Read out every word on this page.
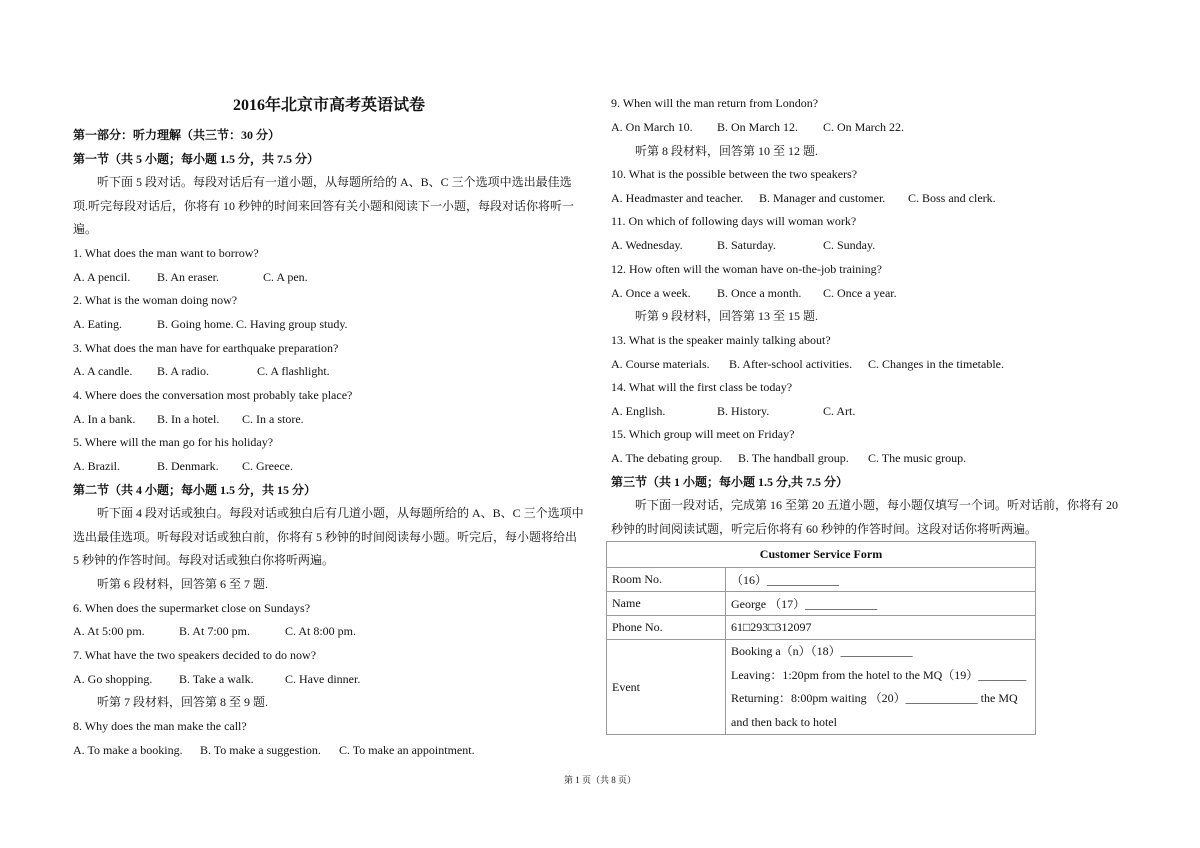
2016年北京市高考英语试卷
第一部分：听力理解（共三节：30 分）
第一节（共 5 小题；每小题 1.5 分，共 7.5 分）
听下面 5 段对话。每段对话后有一道小题，从每题所给的 A、B、C 三个选项中选出最佳选
项.听完每段对话后，你将有 10 秒钟的时间来回答有关小题和阅读下一小题，每段对话你将听一
遍。
1. What does the man want to borrow?
A. A pencil. B. An eraser.	C. A pen.
2. What is the woman doing now?
A. Eating.	B. Going home. C. Having group study.
3. What does the man have for earthquake preparation?
A. A candle. B. A radio.	C. A flashlight.
4. Where does the conversation most probably take place?
A. In a bank. B. In a hotel. C. In a store.
5. Where will the man go for his holiday?
A. Brazil.	B. Denmark. C. Greece.
第二节（共 4 小题；每小题 1.5 分，共 15 分）
听下面 4 段对话或独白。每段对话或独白后有几道小题，从每题所给的 A、B、C 三个选项中
选出最佳选项。听每段对话或独白前，你将有 5 秒钟的时间阅读每小题。听完后，每小题将给出
5 秒钟的作答时间。每段对话或独白你将听两遍。
听第 6 段材料，回答第 6 至 7 题.
6. When does the supermarket close on Sundays?
A. At 5:00 pm.	B. At 7:00 pm.	C. At 8:00 pm.
7. What have the two speakers decided to do now?
A. Go shopping. B. Take a walk.	C. Have dinner.
听第 7 段材料，回答第 8 至 9 题.
8. Why does the man make the call?
A. To make a booking. B. To make a suggestion. C. To make an appointment.
9. When will the man return from London?
A. On March 10. B. On March 12. C. On March 22.
听第 8 段材料，回答第 10 至 12 题.
10. What is the possible between the two speakers?
A. Headmaster and teacher. B. Manager and customer. C. Boss and clerk.
11. On which of following days will woman work?
A. Wednesday.	B. Saturday.	C. Sunday.
12. How often will the woman have on-the-job training?
A. Once a week. B. Once a month. C. Once a year.
听第 9 段材料，回答第 13 至 15 题.
13. What is the speaker mainly talking about?
A. Course materials. B. After-school activities. C. Changes in the timetable.
14. What will the first class be today?
A. English.	B. History.	C. Art.
15. Which group will meet on Friday?
A. The debating group. B. The handball group. C. The music group.
第三节（共 1 小题；每小题 1.5 分,共 7.5 分）
听下面一段对话，完成第 16 至第 20 五道小题，每小题仅填写一个词。听对话前，你将有 20
秒钟的时间阅读试题，听完后你将有 60 秒钟的作答时间。这段对话你将听两遍。
Customer Service Form	
Room No.	（16）____________
Name	George （17）____________
Phone No.	61□293□312097
Event	Booking a（n）（18）____________
Leaving：1:20pm from the hotel to the MQ（19）________
Returning：8:00pm waiting （20）____________ the MQ
and then back to hotel
第 1 页（共 8 页）
